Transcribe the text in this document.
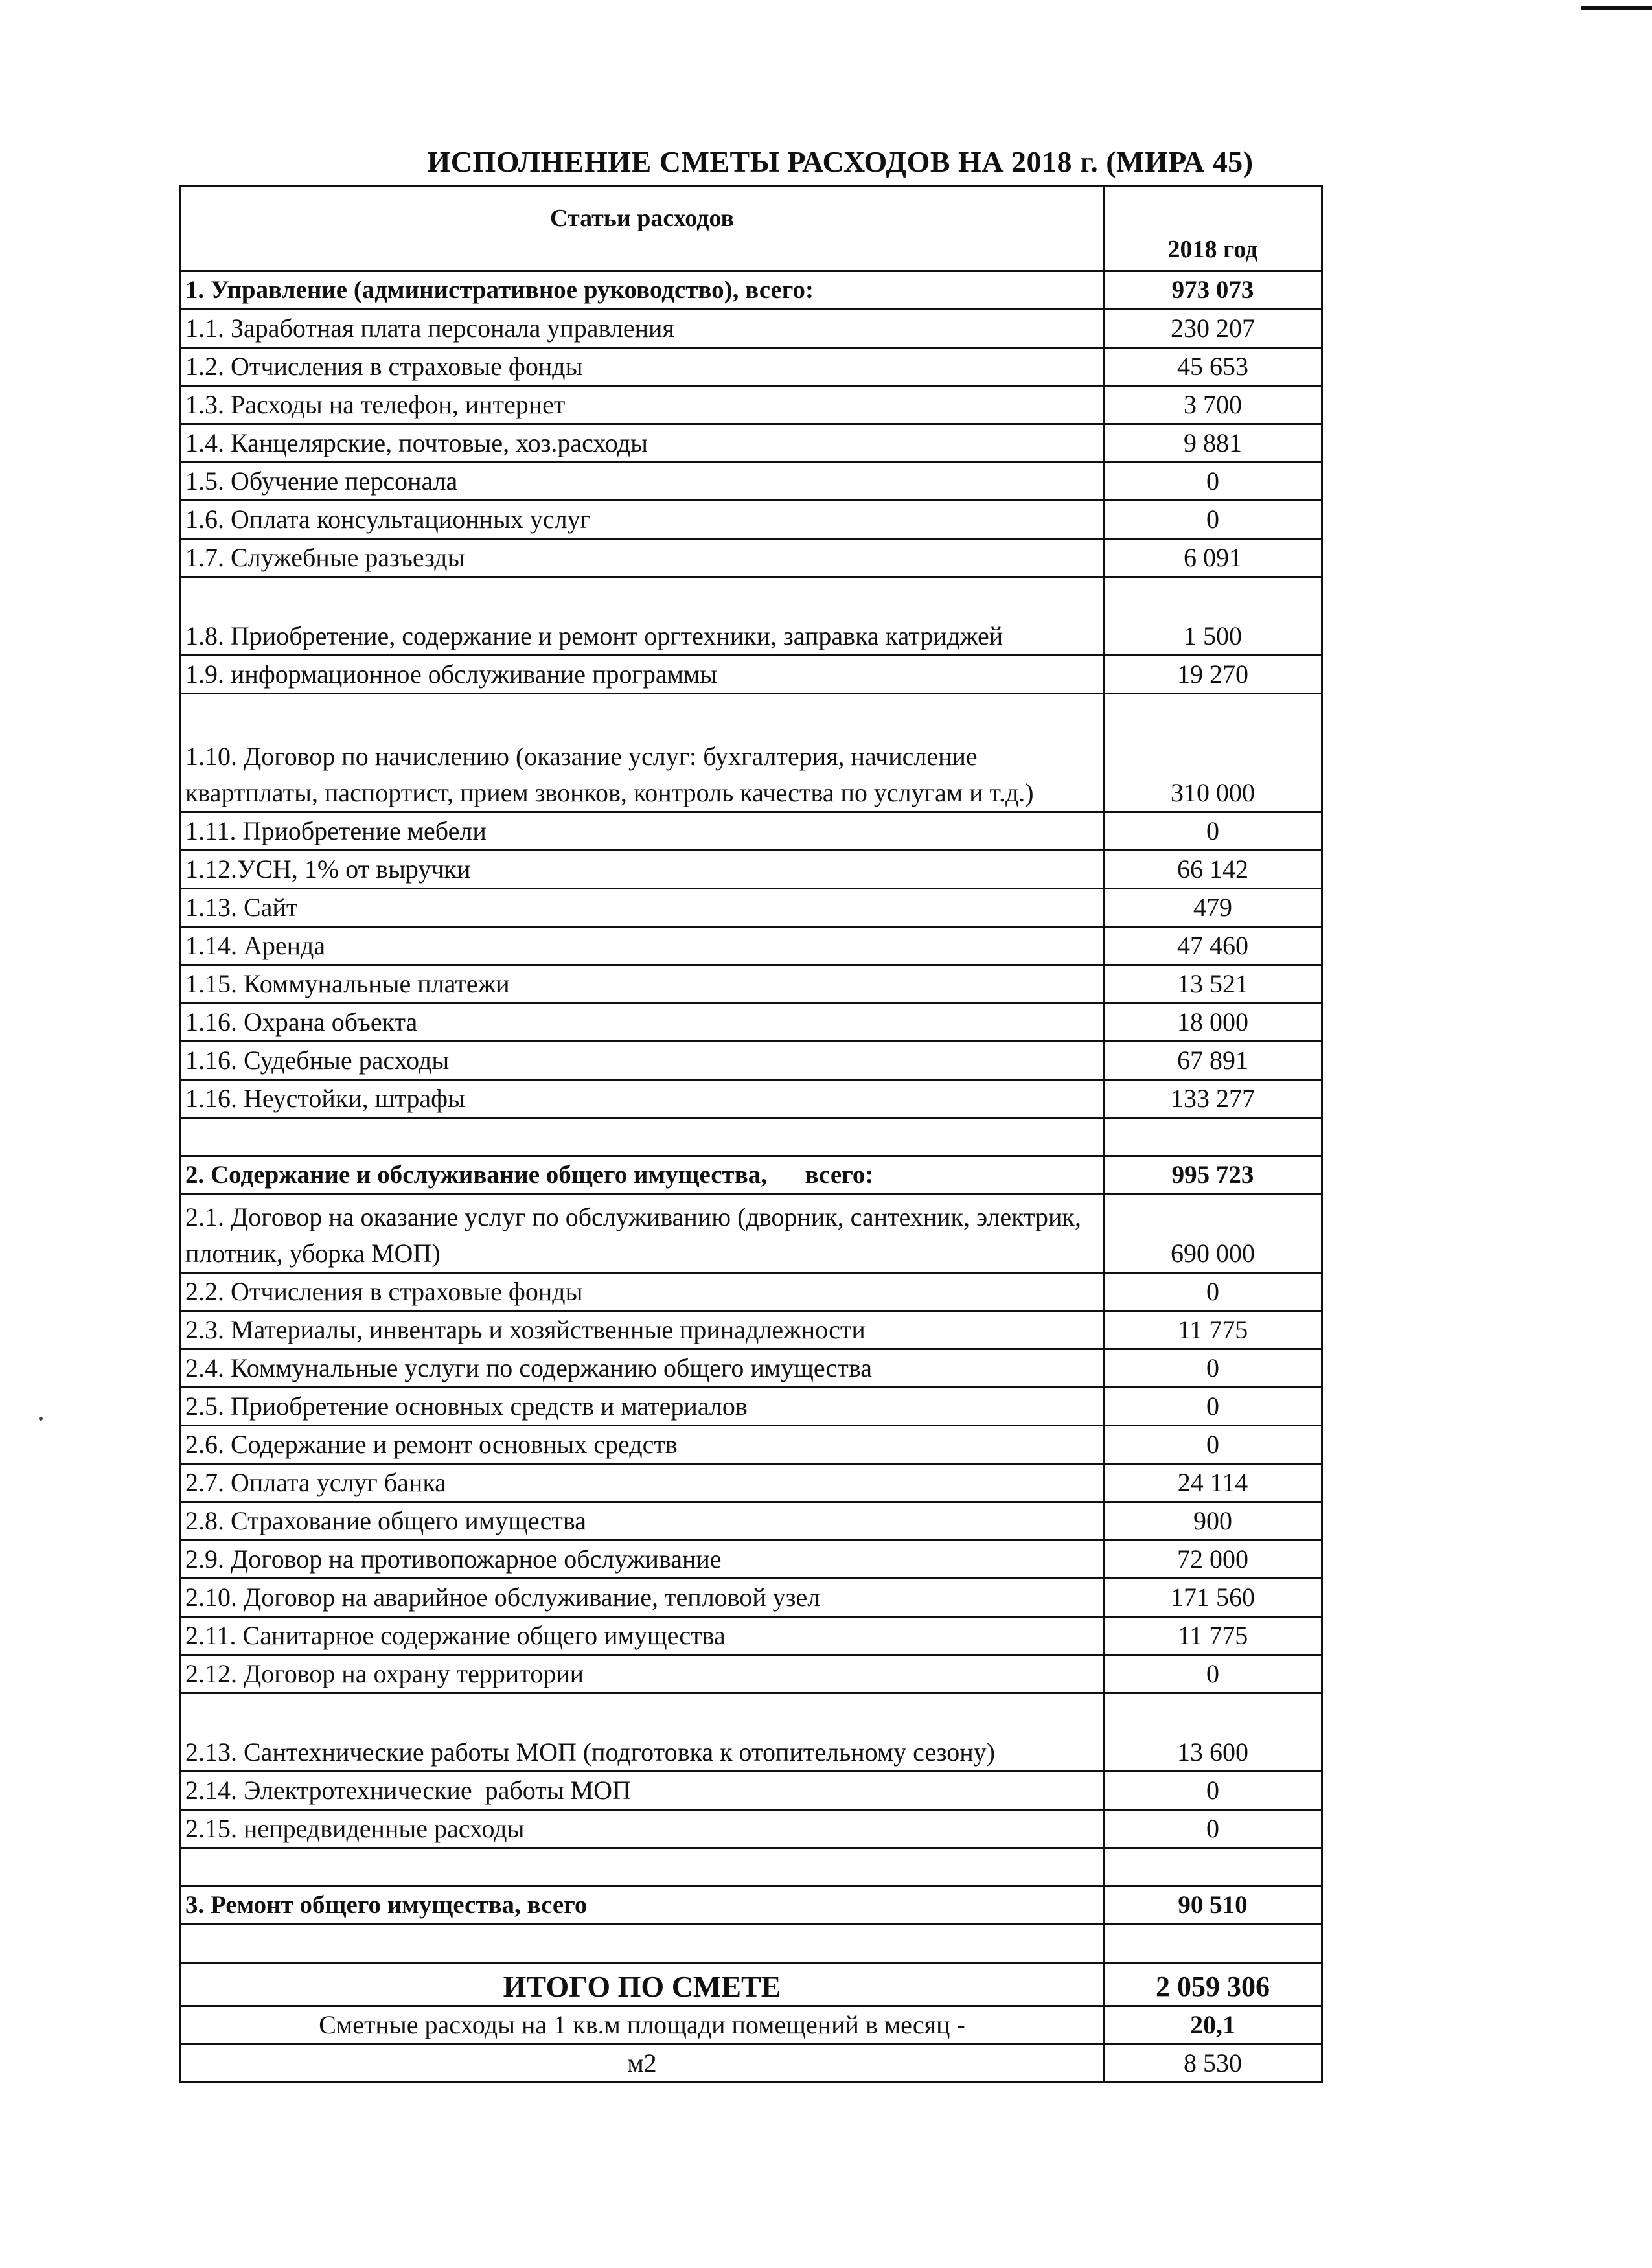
ИСПОЛНЕНИЕ СМЕТЫ РАСХОДОВ НА 2018 г. (МИРА 45)
Статьи расходов	2018 год
1. Управление (административное руководство), всего:	973 073
1.1. Заработная плата персонала управления	230 207
1.2. Отчисления в страховые фонды	45 653
1.3. Расходы на телефон, интернет	3 700
1.4. Канцелярские, почтовые, хоз.расходы	9 881
1.5. Обучение персонала	0
1.6. Оплата консультационных услуг	0
1.7. Служебные разъезды	6 091
1.8. Приобретение, содержание и ремонт оргтехники, заправка катриджей	1 500
1.9. информационное обслуживание программы	19 270
1.10. Договор по начислению (оказание услуг: бухгалтерия, начисление квартплаты, паспортист, прием звонков, контроль качества по услугам и т.д.)	310 000
1.11. Приобретение мебели	0
1.12.УСН, 1% от выручки	66 142
1.13. Сайт	479
1.14. Аренда	47 460
1.15. Коммунальные платежи	13 521
1.16. Охрана объекта	18 000
1.16. Судебные расходы	67 891
1.16. Неустойки, штрафы	133 277

2. Содержание и обслуживание общего имущества,      всего:	995 723
2.1. Договор на оказание услуг по обслуживанию (дворник, сантехник, электрик, плотник, уборка МОП)	690 000
2.2. Отчисления в страховые фонды	0
2.3. Материалы, инвентарь и хозяйственные принадлежности	11 775
2.4. Коммунальные услуги по содержанию общего имущества	0
2.5. Приобретение основных средств и материалов	0
2.6. Содержание и ремонт основных средств	0
2.7. Оплата услуг банка	24 114
2.8. Страхование общего имущества	900
2.9. Договор на противопожарное обслуживание	72 000
2.10. Договор на аварийное обслуживание, тепловой узел	171 560
2.11. Санитарное содержание общего имущества	11 775
2.12. Договор на охрану территории	0
2.13. Сантехнические работы МОП (подготовка к отопительному сезону)	13 600
2.14. Электротехнические  работы МОП	0
2.15. непредвиденные расходы	0

3. Ремонт общего имущества, всего	90 510

ИТОГО ПО СМЕТЕ	2 059 306
Сметные расходы на 1 кв.м площади помещений в месяц -	20,1
м2	8 530
